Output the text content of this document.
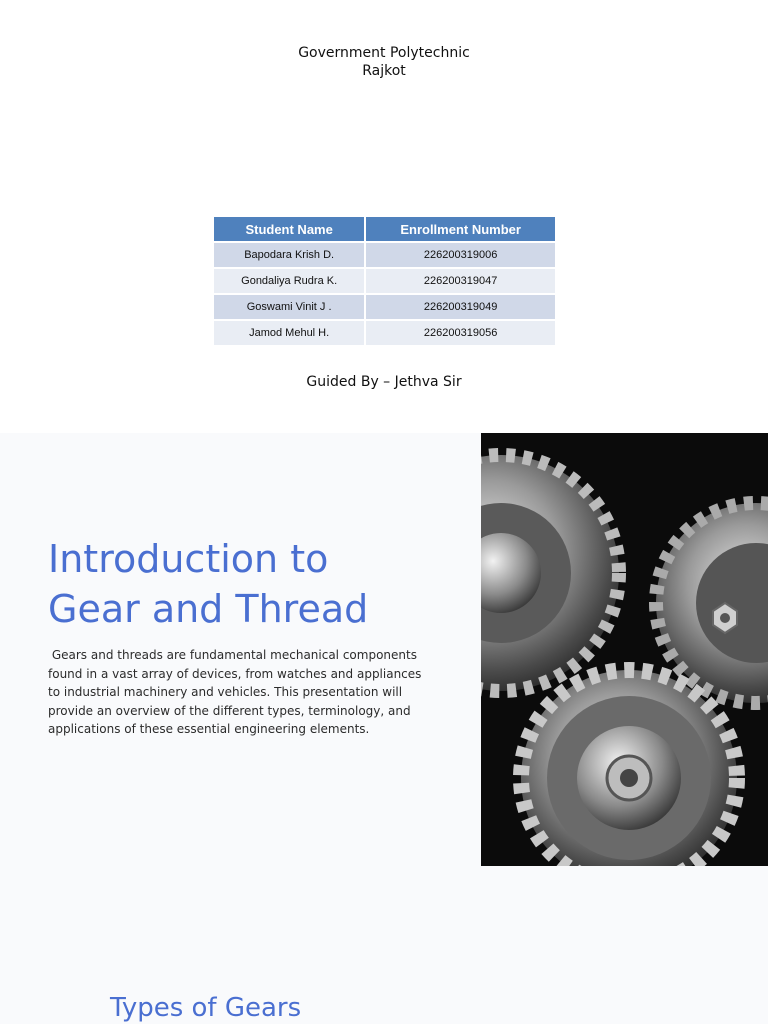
Government Polytechnic
Rajkot
Student Name	Enrollment Number
Bapodara Krish D.	226200319006
Gondaliya Rudra K.	226200319047
Goswami Vinit J .	226200319049
Jamod Mehul H.	226200319056
Guided By – Jethva Sir
Introduction to
Gear and Thread

Gears and threads are fundamental mechanical components found in a vast array of devices, from watches and appliances to industrial machinery and vehicles. This presentation will provide an overview of the different types, terminology, and applications of these essential engineering elements.

Types of Gears
